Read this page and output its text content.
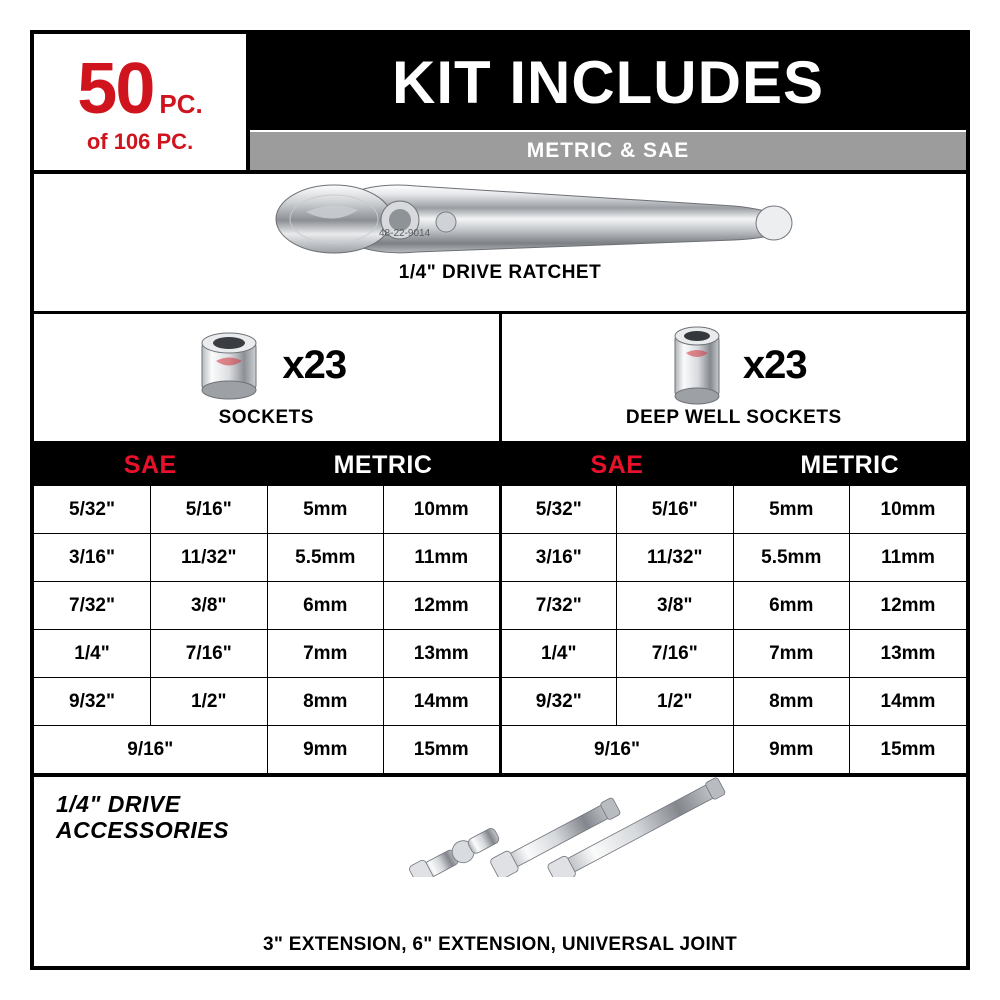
50 PC.
of 106 PC.
KIT INCLUDES
METRIC & SAE
48-22-9014
1/4" DRIVE RATCHET
x23
SOCKETS
x23
DEEP WELL SOCKETS
SAE		METRIC		SAE		METRIC	
5/32"	5/16"	5mm	10mm	5/32"	5/16"	5mm	10mm
3/16"	11/32"	5.5mm	11mm	3/16"	11/32"	5.5mm	11mm
7/32"	3/8"	6mm	12mm	7/32"	3/8"	6mm	12mm
1/4"	7/16"	7mm	13mm	1/4"	7/16"	7mm	13mm
9/32"	1/2"	8mm	14mm	9/32"	1/2"	8mm	14mm
9/16"		9mm	15mm	9/16"		9mm	15mm
1/4" DRIVE
ACCESSORIES
3" EXTENSION, 6" EXTENSION, UNIVERSAL JOINT
